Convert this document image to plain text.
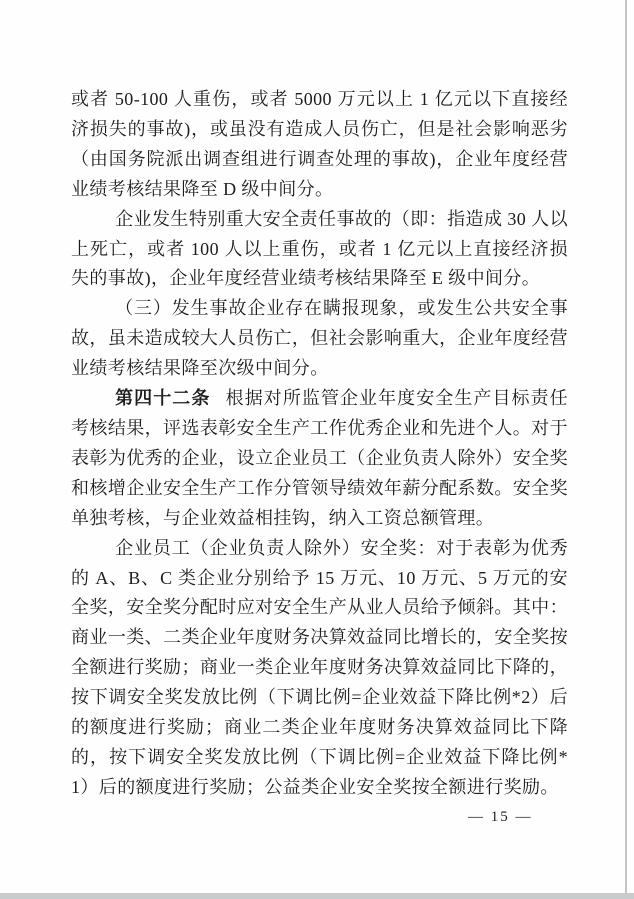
或者 50-100 人重伤，或者 5000 万元以上 1 亿元以下直接经济损失的事故)，或虽没有造成人员伤亡，但是社会影响恶劣（由国务院派出调查组进行调查处理的事故)，企业年度经营业绩考核结果降至 D 级中间分。

企业发生特别重大安全责任事故的（即：指造成 30 人以上死亡，或者 100 人以上重伤，或者 1 亿元以上直接经济损失的事故)，企业年度经营业绩考核结果降至 E 级中间分。

（三）发生事故企业存在瞒报现象，或发生公共安全事故，虽未造成较大人员伤亡，但社会影响重大，企业年度经营业绩考核结果降至次级中间分。

第四十二条 根据对所监管企业年度安全生产目标责任考核结果，评选表彰安全生产工作优秀企业和先进个人。对于表彰为优秀的企业，设立企业员工（企业负责人除外）安全奖和核增企业安全生产工作分管领导绩效年薪分配系数。安全奖单独考核，与企业效益相挂钩，纳入工资总额管理。

企业员工（企业负责人除外）安全奖：对于表彰为优秀的 A、B、C 类企业分别给予 15 万元、10 万元、5 万元的安全奖，安全奖分配时应对安全生产从业人员给予倾斜。其中：商业一类、二类企业年度财务决算效益同比增长的，安全奖按全额进行奖励；商业一类企业年度财务决算效益同比下降的，按下调安全奖发放比例（下调比例=企业效益下降比例*2）后的额度进行奖励；商业二类企业年度财务决算效益同比下降的，按下调安全奖发放比例（下调比例=企业效益下降比例*1）后的额度进行奖励；公益类企业安全奖按全额进行奖励。

— 15 —
